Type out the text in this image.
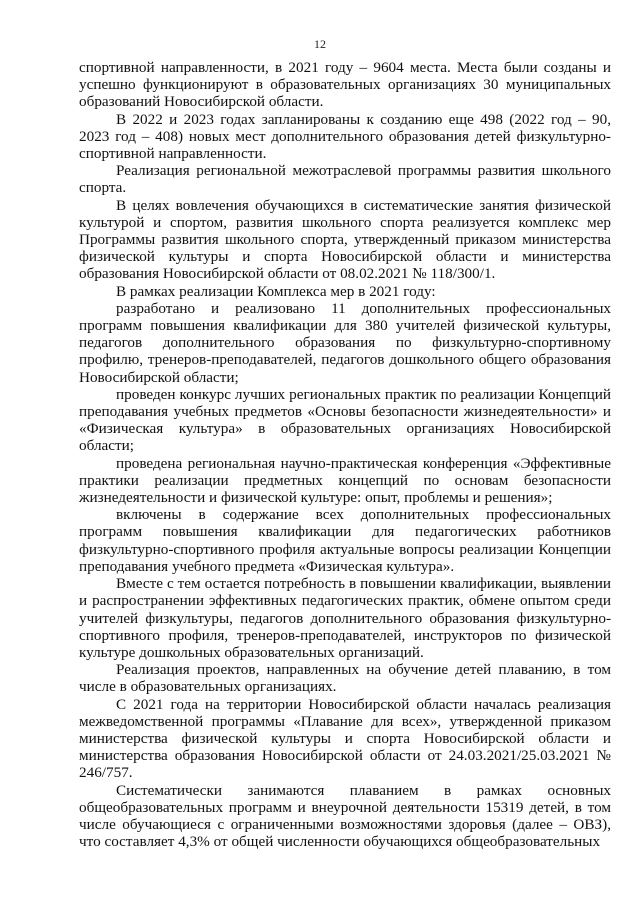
12

спортивной направленности, в 2021 году – 9604 места. Места были созданы и успешно функционируют в образовательных организациях 30 муниципальных образований Новосибирской области.

В 2022 и 2023 годах запланированы к созданию еще 498 (2022 год – 90, 2023 год – 408) новых мест дополнительного образования детей физкультурно-спортивной направленности.

Реализация региональной межотраслевой программы развития школьного спорта.

В целях вовлечения обучающихся в систематические занятия физической культурой и спортом, развития школьного спорта реализуется комплекс мер Программы развития школьного спорта, утвержденный приказом министерства физической культуры и спорта Новосибирской области и министерства образования Новосибирской области от 08.02.2021 № 118/300/1.

В рамках реализации Комплекса мер в 2021 году:

разработано и реализовано 11 дополнительных профессиональных программ повышения квалификации для 380 учителей физической культуры, педагогов дополнительного образования по физкультурно-спортивному профилю, тренеров-преподавателей, педагогов дошкольного общего образования Новосибирской области;

проведен конкурс лучших региональных практик по реализации Концепций преподавания учебных предметов «Основы безопасности жизнедеятельности» и «Физическая культура» в образовательных организациях Новосибирской области;

проведена региональная научно-практическая конференция «Эффективные практики реализации предметных концепций по основам безопасности жизнедеятельности и физической культуре: опыт, проблемы и решения»;

включены в содержание всех дополнительных профессиональных программ повышения квалификации для педагогических работников физкультурно-спортивного профиля актуальные вопросы реализации Концепции преподавания учебного предмета «Физическая культура».

Вместе с тем остается потребность в повышении квалификации, выявлении и распространении эффективных педагогических практик, обмене опытом среди учителей физкультуры, педагогов дополнительного образования физкультурно-спортивного профиля, тренеров-преподавателей, инструкторов по физической культуре дошкольных образовательных организаций.

Реализация проектов, направленных на обучение детей плаванию, в том числе в образовательных организациях.

С 2021 года на территории Новосибирской области началась реализация межведомственной программы «Плавание для всех», утвержденной приказом министерства физической культуры и спорта Новосибирской области и министерства образования Новосибирской области от 24.03.2021/25.03.2021 № 246/757.

Систематически занимаются плаванием в рамках основных общеобразовательных программ и внеурочной деятельности 15319 детей, в том числе обучающиеся с ограниченными возможностями здоровья (далее – ОВЗ), что составляет 4,3% от общей численности обучающихся общеобразовательных
